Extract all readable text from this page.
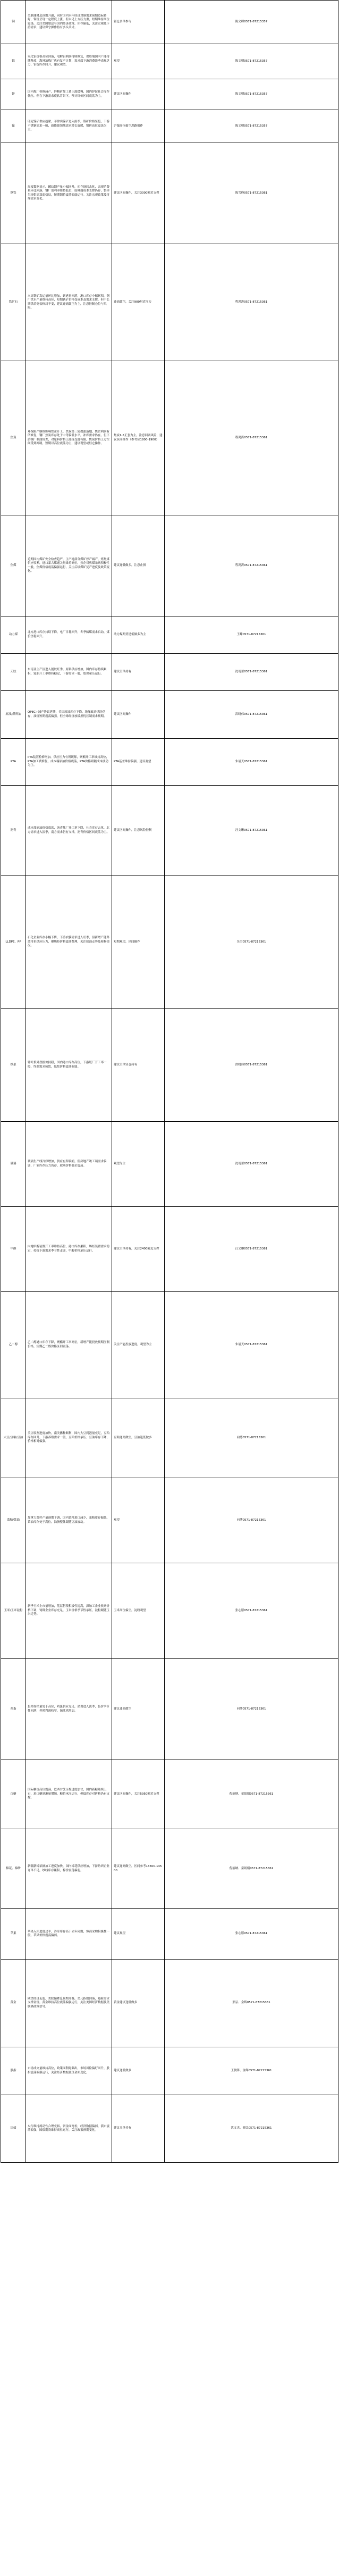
铜	美联储降息预期升温，同时国内末年经济对铜需求预期边际转好，铜价呈现一定程度上涨，但未见上方压力重，短期维持高位震荡，关注美国加息与国内经济政策。库存偏低，关注宏观及下游需求，建议保守操作持有多头头寸。	轻仓多单参与	陈文卿0571-87215357

铝	氧化铝价格高位回落，电解铝利润持续修复，供给端国内产能持续释放，海外冶炼厂也有复产计划，需求端下游消费淡季表现乏力，铝锭库存回升，建议观望。	观望	陈文卿0571-87215357

锌	国内炼厂检修减产，锌精矿加工费上涨缓慢，国内锌锭社会库存低位，但在下游需求疲软背景下，预计锌价区间震荡为主。	建议区间操作	陈文卿0571-87215357

镍	印尼镍矿供应趋紧，菲律宾镍矿进入雨季，镍矿价格坚挺，下游不锈钢需求一般，新能源领域需求增长放缓，镍价高位震荡为主。	沪镍高位偏空思路操作	陈文卿0571-87215357

钢铁	周度数据显示，螺纹钢产量小幅回升，库存继续去化，表观消费量环比回落，钢厂盈利率维持低位，原料端成本支撑仍存，整体呈现供需双弱格局，短期钢价震荡偏弱运行。关注宏观政策及终端需求变化。	建议区间操作，关注3000附近支撑	陈雪峰0571-87215361

铁矿石	本周铁矿发运量环比增加，到港量回落，港口库存小幅累积，钢厂铁水产量维持高位，短期铁矿价格受成本及需求支撑，但中长期供给宽松格局不变，建议逢高做空为主，注意控制仓位与风险。	逢高做空，关注900附近压力	程鸿涛0571-87215361

焦炭	环保限产继续影响焦企开工，焦炭第三轮提涨落地，焦企利润有所修复，钢厂焦炭库存处于中等偏低水平，补库需求仍在。但下游钢厂利润较差，对原料价格上涨接受度有限，焦炭价格上方空间受到抑制，短期以高位震荡为主，建议观望或轻仓操作。	焦炭1-5正套为主，注意回调风险，建议区间操作（参考位1800-1900）	程鸿涛0571-87215361

焦煤	近期国内煤矿安全检查趋严，主产地部分煤矿停产减产，炼焦煤供应收紧，进口蒙古煤通关量维持高位，焦企对焦煤采购积极性一般，焦煤价格震荡偏强运行，关注后续煤矿复产进度及政策变化。	建议逢低做多，注意止损	程鸿涛0571-87215361

动力煤	北方港口库存持续下降，电厂日耗回升，冬季储煤需求启动，煤价企稳回升。	动力煤期货逢低做多为主	王峰0571-87215361

天胶	东南亚主产区进入割胶旺季，原料供应增加，国内库存持续累积，轮胎开工率维持稳定，下游需求一般，胶价承压运行。	建议空单持有	沈靖蕾0571-87215361

原油/燃料油	OPEC+减产协议延续，美国原油库存下降，地缘政治风险仍存，油价短期震荡偏强，但全球经济放缓担忧压制需求预期。	建议区间操作	洪晓伟0571-87215361

PTA	PTA装置检修增加，供应压力有所缓解，聚酯开工率维持高位，PTA加工费修复，成本端原油价格震荡，PTA价格跟随成本波动为主。	PTA基差维持偏强，建议观望	朱展天0571-87215361

沥青	成本端原油价格震荡，沥青炼厂开工率下降，社会库存去化，北方需求进入淡季，南方需求仍有支撑，沥青价格区间震荡为主。	建议区间操作，注意风险控制	汪文琳0571-87215361

LLDPE、PP	石化企业库存小幅下降，下游农膜需求进入旺季，但新增产能释放带来供应压力，聚烯烃价格震荡整理，关注原油走势及检修情况。	短期观望，区间操作	吴雪0571-87215361

纸浆	针叶浆外盘报价持稳，国内港口库存高位，下游纸厂开工率一般，终端需求疲软，纸浆价格震荡偏弱。	建议空单轻仓持有	洪晓伟0571-87215361

玻璃	玻璃生产线冷修增加，供应有所收缩，但房地产竣工端需求偏弱，厂家库存压力仍存，玻璃价格低位震荡。	观望为主	沈靖蕾0571-87215361

甲醇	内地甲醇装置开工率维持高位，港口库存累积，烯烃装置需求稳定，传统下游需求季节性走弱，甲醇价格承压运行。	建议空单持有，关注2400附近支撑	汪文琳0571-87215361

乙二醇	乙二醇港口库存下降，聚酯开工率高位，新增产能投放预期压制价格，短期乙二醇价格区间震荡。	关注产能投放进度，观望为主	朱展天0571-87215361

大豆/豆粕/豆油	美豆收割进度加快，南美播种顺利，国内大豆到港量充足，豆粕库存回升，下游养殖需求一般，豆粕价格承压；豆油库存下降，价格相对偏强。	豆粕逢高做空，豆油逢低做多	向博0571-87215361

菜粕/菜油	加拿大菜籽产量预期下调，国内菜籽进口减少，菜粕库存偏低，菜油库存处于高位，油脂整体跟随豆油波动。	观望	向博0571-87215361

玉米/玉米淀粉	新季玉米上市量增加，基层售粮积极性提高，深加工企业收购价格下调，饲料企业库存充足，玉米价格季节性承压，淀粉跟随玉米走势。	玉米高位偏空，淀粉观望	张心愿0571-87215361

鸡蛋	蛋鸡存栏量处于高位，鸡蛋供应充足，消费进入淡季，蛋价季节性回落，养殖利润收窄，淘汰鸡增加。	建议逢高做空	向博0571-87215361

白糖	国际糖价高位震荡，巴西甘蔗压榨进度加快，国内新糖陆续上市，进口糖到港量增加，糖价承压运行，但低库存对价格仍有支撑。	建议区间操作，关注5950附近支撑	倪丽纳、童娟娟0571-87215361

棉花、棉纱	新疆新棉采摘加工进度加快，国内棉花供应增加，下游纺织企业订单不足，纱线库存累积，棉价震荡偏弱。	建议逢高做空，区间参考13500-14500	倪丽纳、童娟娟0571-87215361

苹果	苹果入库进度过半，冷库库存高于去年同期，客商采购积极性一般，苹果价格震荡偏弱。	建议观望	张心愿0571-87215361

黄金	欧美经济走弱，美联储降息预期升温，美元指数回落，避险需求支撑金价，黄金维持高位震荡偏强运行，关注美国经济数据及美联储政策信号。	黄金建议逢低做多	邢弘、金辉0571-87215361

股指	市场成交量维持高位，政策面利好频出，市场风险偏好回升，股指震荡偏强运行，关注经济数据及资金面变化。	建议逢低做多	王俊锋、金辉0571-87215361

国债	央行维持流动性合理充裕，资金面宽松，经济数据偏弱，债市震荡偏强，国债期货维持高位运行，关注政策预期变化。	建议多单持有	沈文杰、邢弘0571-87215361
